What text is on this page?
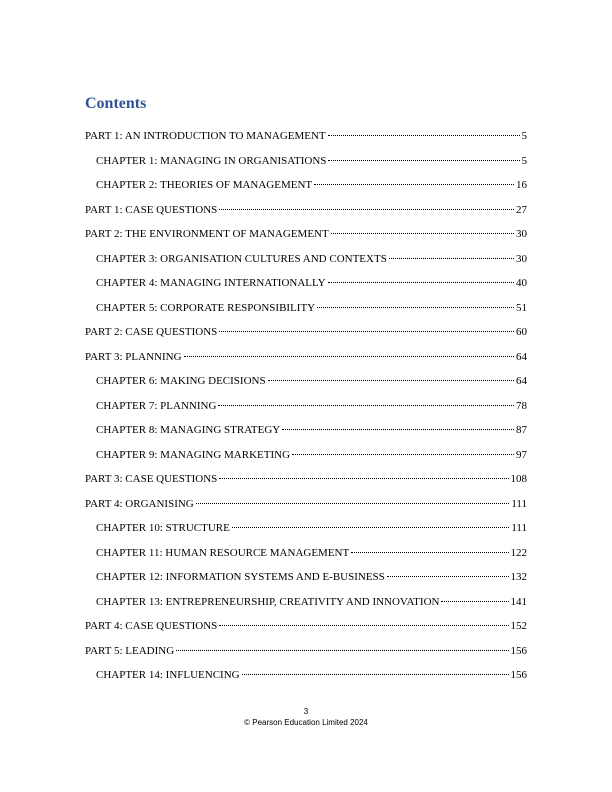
Contents
PART 1: AN INTRODUCTION TO MANAGEMENT	5
CHAPTER 1: MANAGING IN ORGANISATIONS	5
CHAPTER 2: THEORIES OF MANAGEMENT	16
PART 1: CASE QUESTIONS	27
PART 2: THE ENVIRONMENT OF MANAGEMENT	30
CHAPTER 3: ORGANISATION CULTURES AND CONTEXTS	30
CHAPTER 4: MANAGING INTERNATIONALLY	40
CHAPTER 5: CORPORATE RESPONSIBILITY	51
PART 2: CASE QUESTIONS	60
PART 3: PLANNING	64
CHAPTER 6: MAKING DECISIONS	64
CHAPTER 7: PLANNING	78
CHAPTER 8: MANAGING STRATEGY	87
CHAPTER 9: MANAGING MARKETING	97
PART 3: CASE QUESTIONS	108
PART 4: ORGANISING	111
CHAPTER 10: STRUCTURE	111
CHAPTER 11: HUMAN RESOURCE MANAGEMENT	122
CHAPTER 12: INFORMATION SYSTEMS AND E-BUSINESS	132
CHAPTER 13: ENTREPRENEURSHIP, CREATIVITY AND INNOVATION	141
PART 4: CASE QUESTIONS	152
PART 5: LEADING	156
CHAPTER 14: INFLUENCING	156
3
© Pearson Education Limited 2024
